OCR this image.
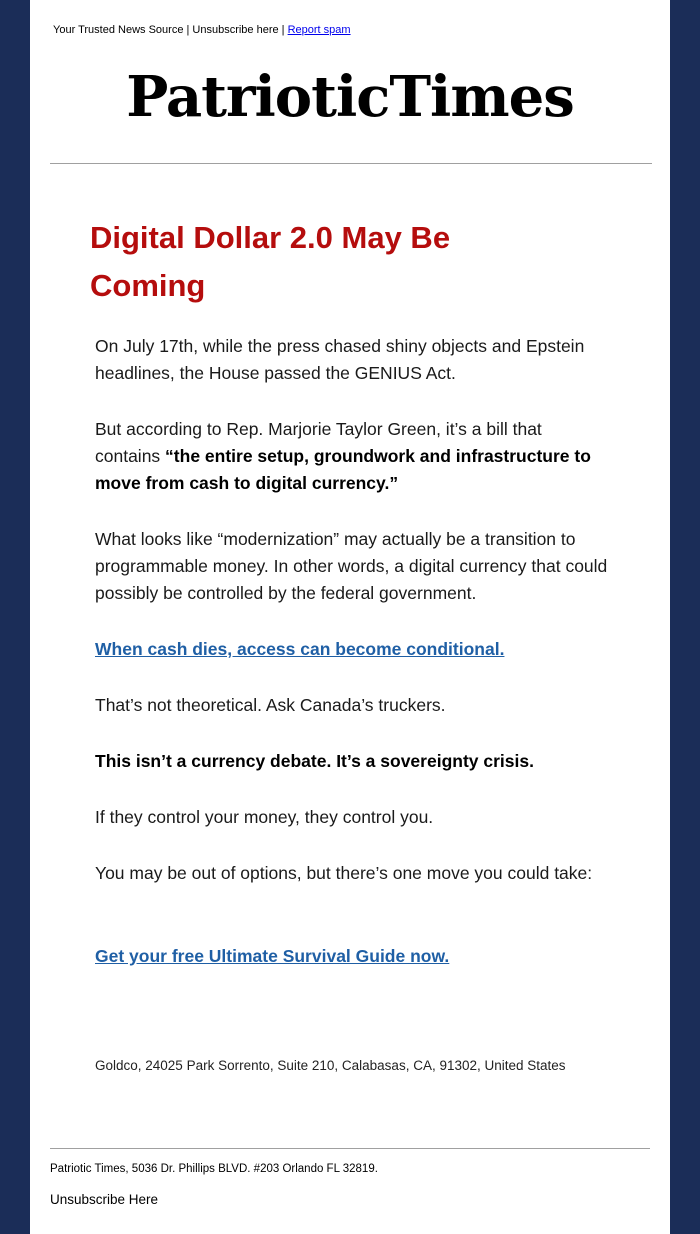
Your Trusted News Source | Unsubscribe here | Report spam
PatrioticTimes
Digital Dollar 2.0 May Be Coming

On July 17th, while the press chased shiny objects and Epstein headlines, the House passed the GENIUS Act.

But according to Rep. Marjorie Taylor Green, it’s a bill that contains “the entire setup, groundwork and infrastructure to move from cash to digital currency.”

What looks like “modernization” may actually be a transition to programmable money. In other words, a digital currency that could possibly be controlled by the federal government.

When cash dies, access can become conditional.

That’s not theoretical. Ask Canada’s truckers.

This isn’t a currency debate. It’s a sovereignty crisis.

If they control your money, they control you.

You may be out of options, but there’s one move you could take:

Get your free Ultimate Survival Guide now.

Goldco, 24025 Park Sorrento, Suite 210, Calabasas, CA, 91302, United States
Patriotic Times, 5036 Dr. Phillips BLVD. #203 Orlando FL 32819.
Unsubscribe Here
